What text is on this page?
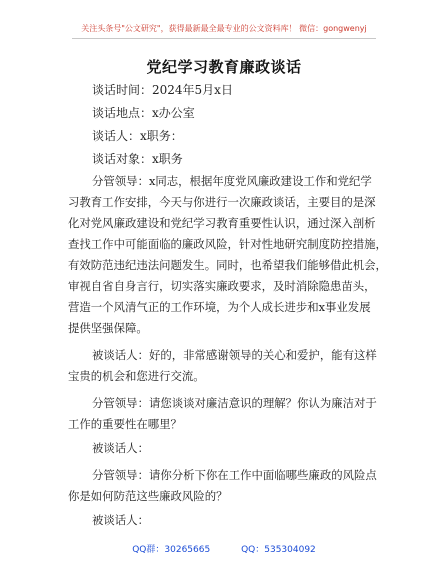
关注头条号"公文研究"，获得最新最全最专业的公文资料库！ 微信：gongwenyj
党纪学习教育廉政谈话

谈话时间：2024年5月x日

谈话地点：x办公室

谈话人：x职务：

谈话对象：x职务

分管领导：x同志，根据年度党风廉政建设工作和党纪学
习教育工作安排，今天与你进行一次廉政谈话，主要目的是深
化对党风廉政建设和党纪学习教育重要性认识，通过深入剖析
查找工作中可能面临的廉政风险，针对性地研究制度防控措施，
有效防范违纪违法问题发生。同时，也希望我们能够借此机会，
审视自省自身言行，切实落实廉政要求，及时消除隐患苗头，
营造一个风清气正的工作环境，为个人成长进步和x事业发展
提供坚强保障。
被谈话人：好的，非常感谢领导的关心和爱护，能有这样
宝贵的机会和您进行交流。
分管领导：请您谈谈对廉洁意识的理解？你认为廉洁对于
工作的重要性在哪里？
被谈话人：
分管领导：请你分析下你在工作中面临哪些廉政的风险点
你是如何防范这些廉政风险的？
被谈话人：
QQ群：30265665	QQ：535304092
